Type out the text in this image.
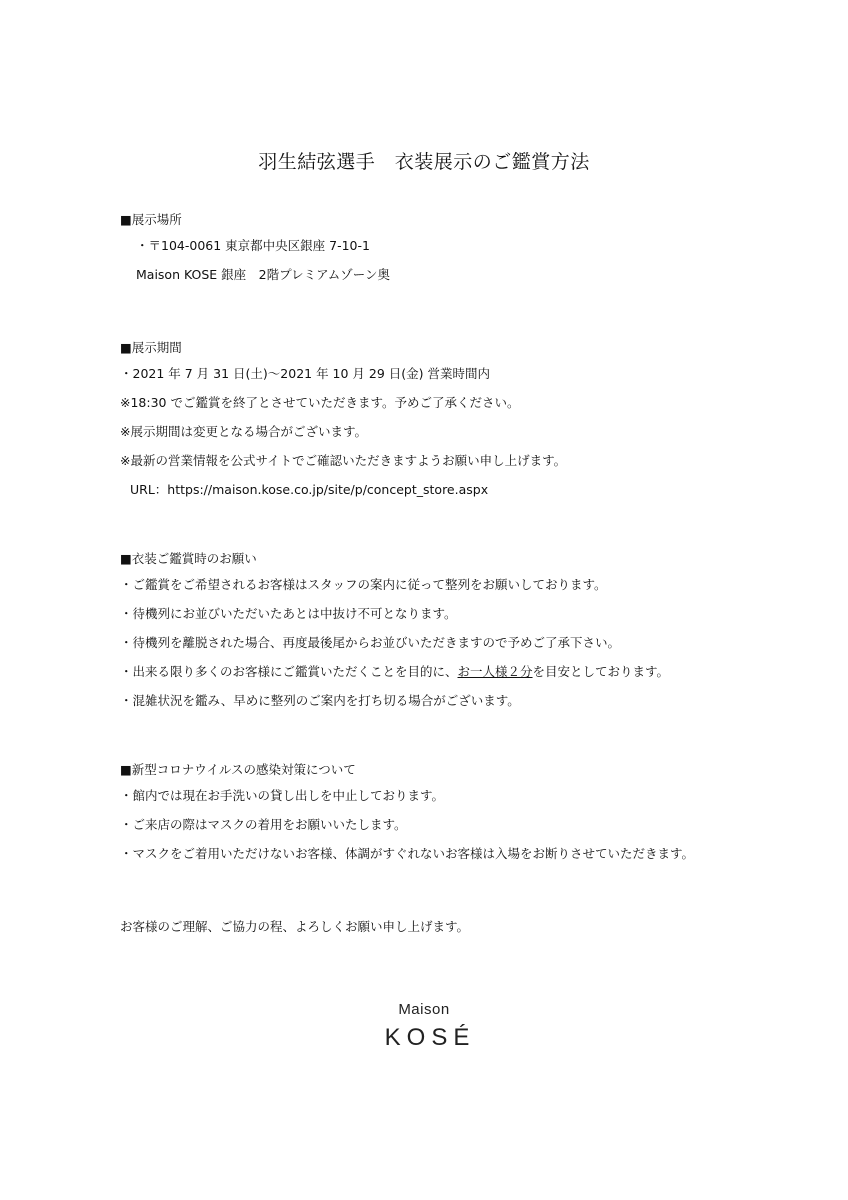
羽生結弦選手　衣装展示のご鑑賞方法
■展示場所
・〒104-0061 東京都中央区銀座 7-10-1
Maison KOSE 銀座　2階プレミアムゾーン奥
■展示期間
・2021 年 7 月 31 日(土)〜2021 年 10 月 29 日(金) 営業時間内
※18:30 でご鑑賞を終了とさせていただきます。予めご了承ください。
※展示期間は変更となる場合がございます。
※最新の営業情報を公式サイトでご確認いただきますようお願い申し上げます。
URL：https://maison.kose.co.jp/site/p/concept_store.aspx
■衣装ご鑑賞時のお願い
・ご鑑賞をご希望されるお客様はスタッフの案内に従って整列をお願いしております。
・待機列にお並びいただいたあとは中抜け不可となります。
・待機列を離脱された場合、再度最後尾からお並びいただきますので予めご了承下さい。
・出来る限り多くのお客様にご鑑賞いただくことを目的に、お一人様２分を目安としております。
・混雑状況を鑑み、早めに整列のご案内を打ち切る場合がございます。
■新型コロナウイルスの感染対策について
・館内では現在お手洗いの貸し出しを中止しております。
・ご来店の際はマスクの着用をお願いいたします。
・マスクをご着用いただけないお客様、体調がすぐれないお客様は入場をお断りさせていただきます。
お客様のご理解、ご協力の程、よろしくお願い申し上げます。
Maison
KOSÉ
